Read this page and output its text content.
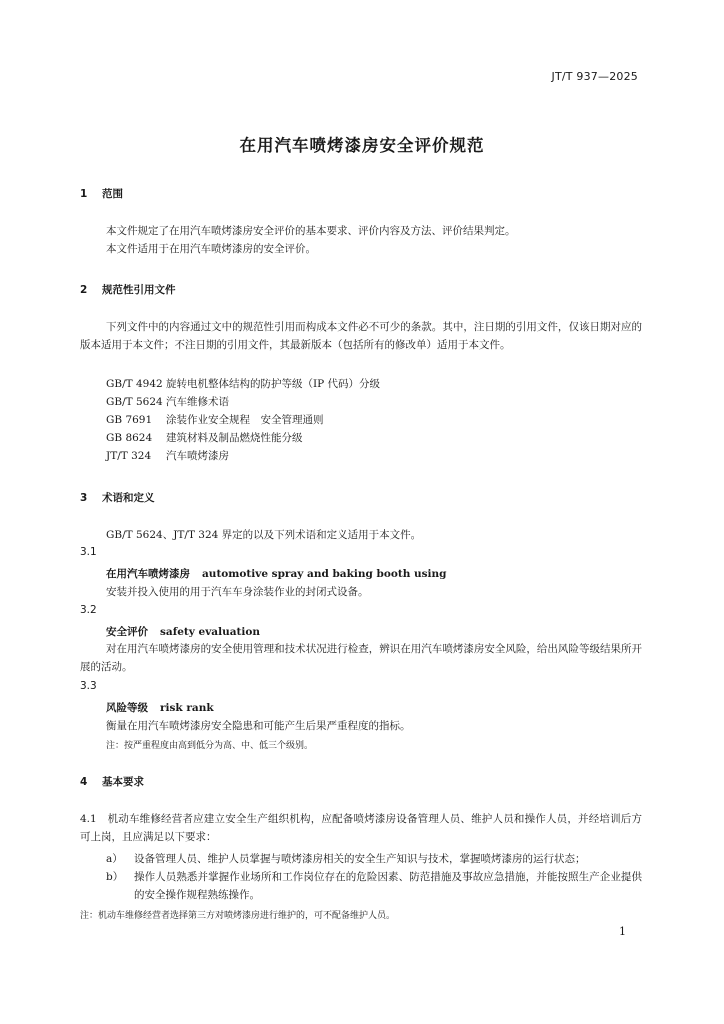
JT/T 937—2025
在用汽车喷烤漆房安全评价规范
1 范围
本文件规定了在用汽车喷烤漆房安全评价的基本要求、评价内容及方法、评价结果判定。
本文件适用于在用汽车喷烤漆房的安全评价。
2 规范性引用文件
下列文件中的内容通过文中的规范性引用而构成本文件必不可少的条款。其中，注日期的引用文件，仅该日期对应的版本适用于本文件；不注日期的引用文件，其最新版本（包括所有的修改单）适用于本文件。
GB/T 4942 旋转电机整体结构的防护等级（IP 代码）分级
GB/T 5624 汽车维修术语
GB 7691 涂装作业安全规程　安全管理通则
GB 8624 建筑材料及制品燃烧性能分级
JT/T 324 汽车喷烤漆房
3 术语和定义
GB/T 5624、JT/T 324 界定的以及下列术语和定义适用于本文件。
3.1
在用汽车喷烤漆房 automotive spray and baking booth using
安装并投入使用的用于汽车车身涂装作业的封闭式设备。
3.2
安全评价 safety evaluation
对在用汽车喷烤漆房的安全使用管理和技术状况进行检查，辨识在用汽车喷烤漆房安全风险，给出风险等级结果所开展的活动。
3.3
风险等级 risk rank
衡量在用汽车喷烤漆房安全隐患和可能产生后果严重程度的指标。
注：按严重程度由高到低分为高、中、低三个级别。
4 基本要求
4.1　机动车维修经营者应建立安全生产组织机构，应配备喷烤漆房设备管理人员、维护人员和操作人员，并经培训后方可上岗，且应满足以下要求：
a） 设备管理人员、维护人员掌握与喷烤漆房相关的安全生产知识与技术，掌握喷烤漆房的运行状态；
b） 操作人员熟悉并掌握作业场所和工作岗位存在的危险因素、防范措施及事故应急措施，并能按照生产企业提供的安全操作规程熟练操作。
注：机动车维修经营者选择第三方对喷烤漆房进行维护的，可不配备维护人员。
1
